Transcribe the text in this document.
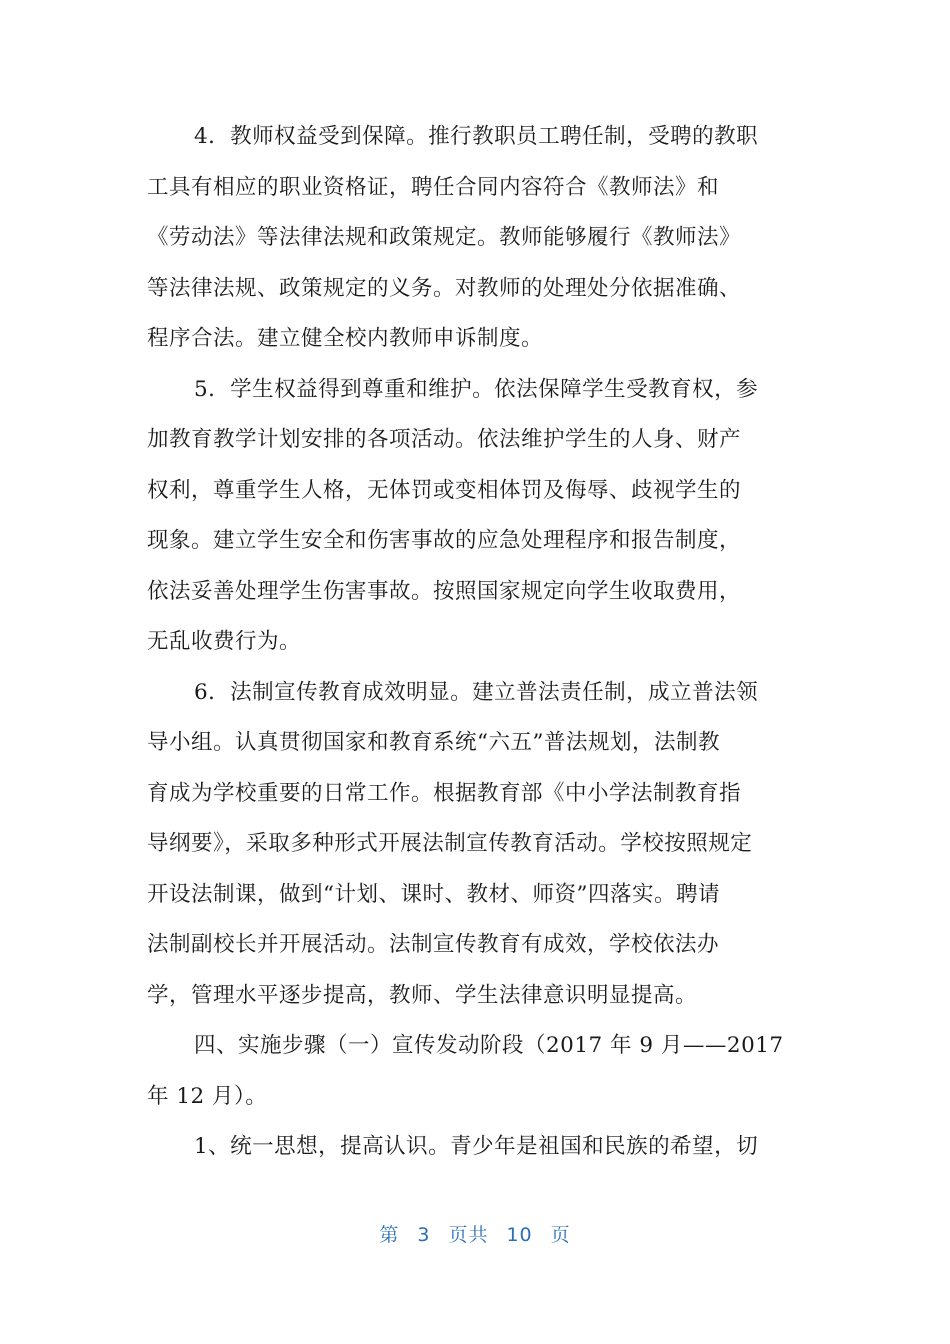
4．教师权益受到保障。推行教职员工聘任制，受聘的教职
工具有相应的职业资格证，聘任合同内容符合《教师法》和
《劳动法》等法律法规和政策规定。教师能够履行《教师法》
等法律法规、政策规定的义务。对教师的处理处分依据准确、
程序合法。建立健全校内教师申诉制度。

5．学生权益得到尊重和维护。依法保障学生受教育权，参
加教育教学计划安排的各项活动。依法维护学生的人身、财产
权利，尊重学生人格，无体罚或变相体罚及侮辱、歧视学生的
现象。建立学生安全和伤害事故的应急处理程序和报告制度，
依法妥善处理学生伤害事故。按照国家规定向学生收取费用，
无乱收费行为。

6．法制宣传教育成效明显。建立普法责任制，成立普法领
导小组。认真贯彻国家和教育系统“六五”普法规划，法制教
育成为学校重要的日常工作。根据教育部《中小学法制教育指
导纲要》，采取多种形式开展法制宣传教育活动。学校按照规定
开设法制课，做到“计划、课时、教材、师资”四落实。聘请
法制副校长并开展活动。法制宣传教育有成效，学校依法办
学，管理水平逐步提高，教师、学生法律意识明显提高。

四、实施步骤（一）宣传发动阶段（2017 年 9 月——2017
年 12 月）。

1、统一思想，提高认识。青少年是祖国和民族的希望，切

第 3 页共 10 页
